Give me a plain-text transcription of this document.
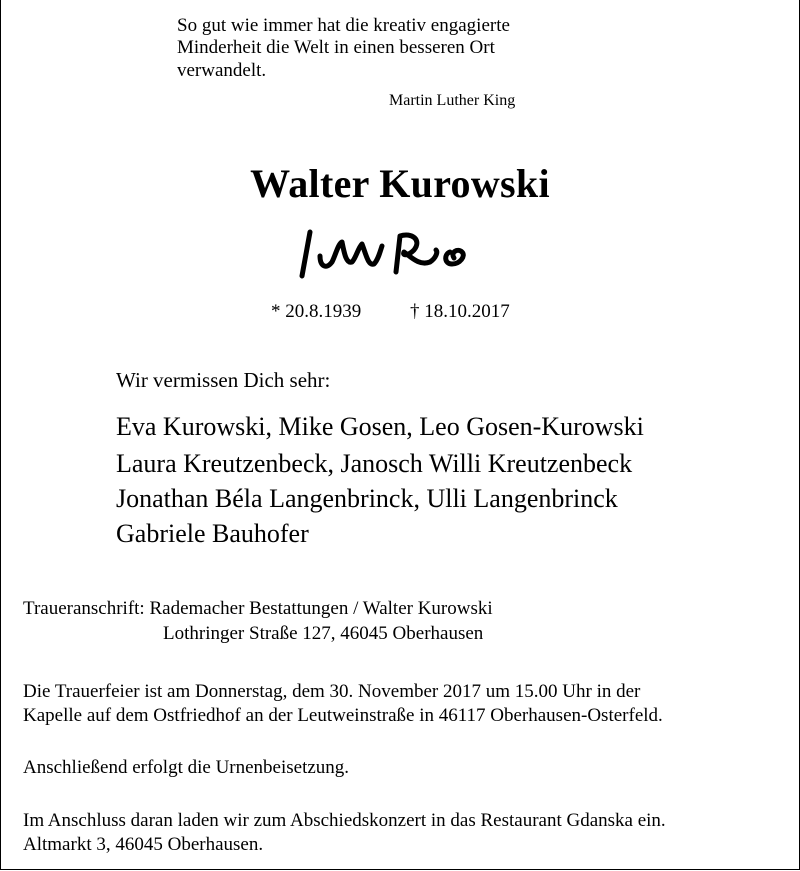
So gut wie immer hat die kreativ engagierte

Minderheit die Welt in einen besseren Ort

verwandelt.

Martin Luther King

Walter Kurowski

* 20.8.1939	† 18.10.2017

Wir vermissen Dich sehr:

Eva Kurowski, Mike Gosen, Leo Gosen-Kurowski

Laura Kreutzenbeck, Janosch Willi Kreutzenbeck

Jonathan Béla Langenbrinck, Ulli Langenbrinck

Gabriele Bauhofer

Traueranschrift: Rademacher Bestattungen / Walter Kurowski

Lothringer Straße 127, 46045 Oberhausen

Die Trauerfeier ist am Donnerstag, dem 30. November 2017 um 15.00 Uhr in der

Kapelle auf dem Ostfriedhof an der Leutweinstraße in 46117 Oberhausen-Osterfeld.

Anschließend erfolgt die Urnenbeisetzung.

Im Anschluss daran laden wir zum Abschiedskonzert in das Restaurant Gdanska ein.

Altmarkt 3, 46045 Oberhausen.
